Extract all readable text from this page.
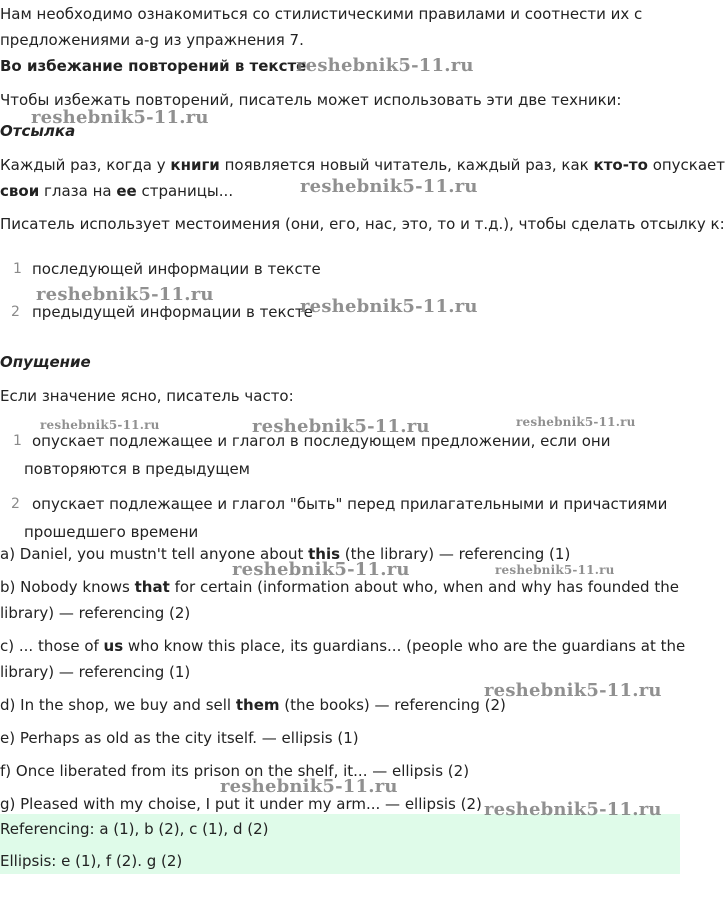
Нам необходимо ознакомиться со стилистическими правилами и соотнести их с
предложениями a-g из упражнения 7.
Во избежание повторений в тексте
Чтобы избежать повторений, писатель может использовать эти две техники:
Отсылка
Каждый раз, когда у книги появляется новый читатель, каждый раз, как кто-то опускает
свои глаза на ее страницы...
Писатель использует местоимения (они, его, нас, это, то и т.д.), чтобы сделать отсылку к:
1 последующей информации в тексте
2 предыдущей информации в тексте
Опущение
Если значение ясно, писатель часто:
1 опускает подлежащее и глагол в последующем предложении, если они
повторяются в предыдущем
2 опускает подлежащее и глагол "быть" перед прилагательными и причастиями
прошедшего времени
a) Daniel, you mustn't tell anyone about this (the library) — referencing (1)
b) Nobody knows that for certain (information about who, when and why has founded the
library) — referencing (2)
c) ... those of us who know this place, its guardians... (people who are the guardians at the
library) — referencing (1)
d) In the shop, we buy and sell them (the books) — referencing (2)
e) Perhaps as old as the city itself. — ellipsis (1)
f) Once liberated from its prison on the shelf, it... — ellipsis (2)
g) Pleased with my choise, I put it under my arm... — ellipsis (2)
Referencing: a (1), b (2), c (1), d (2)
Ellipsis: e (1), f (2). g (2)
reshebnik5-11.ru
reshebnik5-11.ru
reshebnik5-11.ru
reshebnik5-11.ru
reshebnik5-11.ru
reshebnik5-11.ru	reshebnik5-11.ru	reshebnik5-11.ru
reshebnik5-11.ru	reshebnik5-11.ru
reshebnik5-11.ru
reshebnik5-11.ru
reshebnik5-11.ru
